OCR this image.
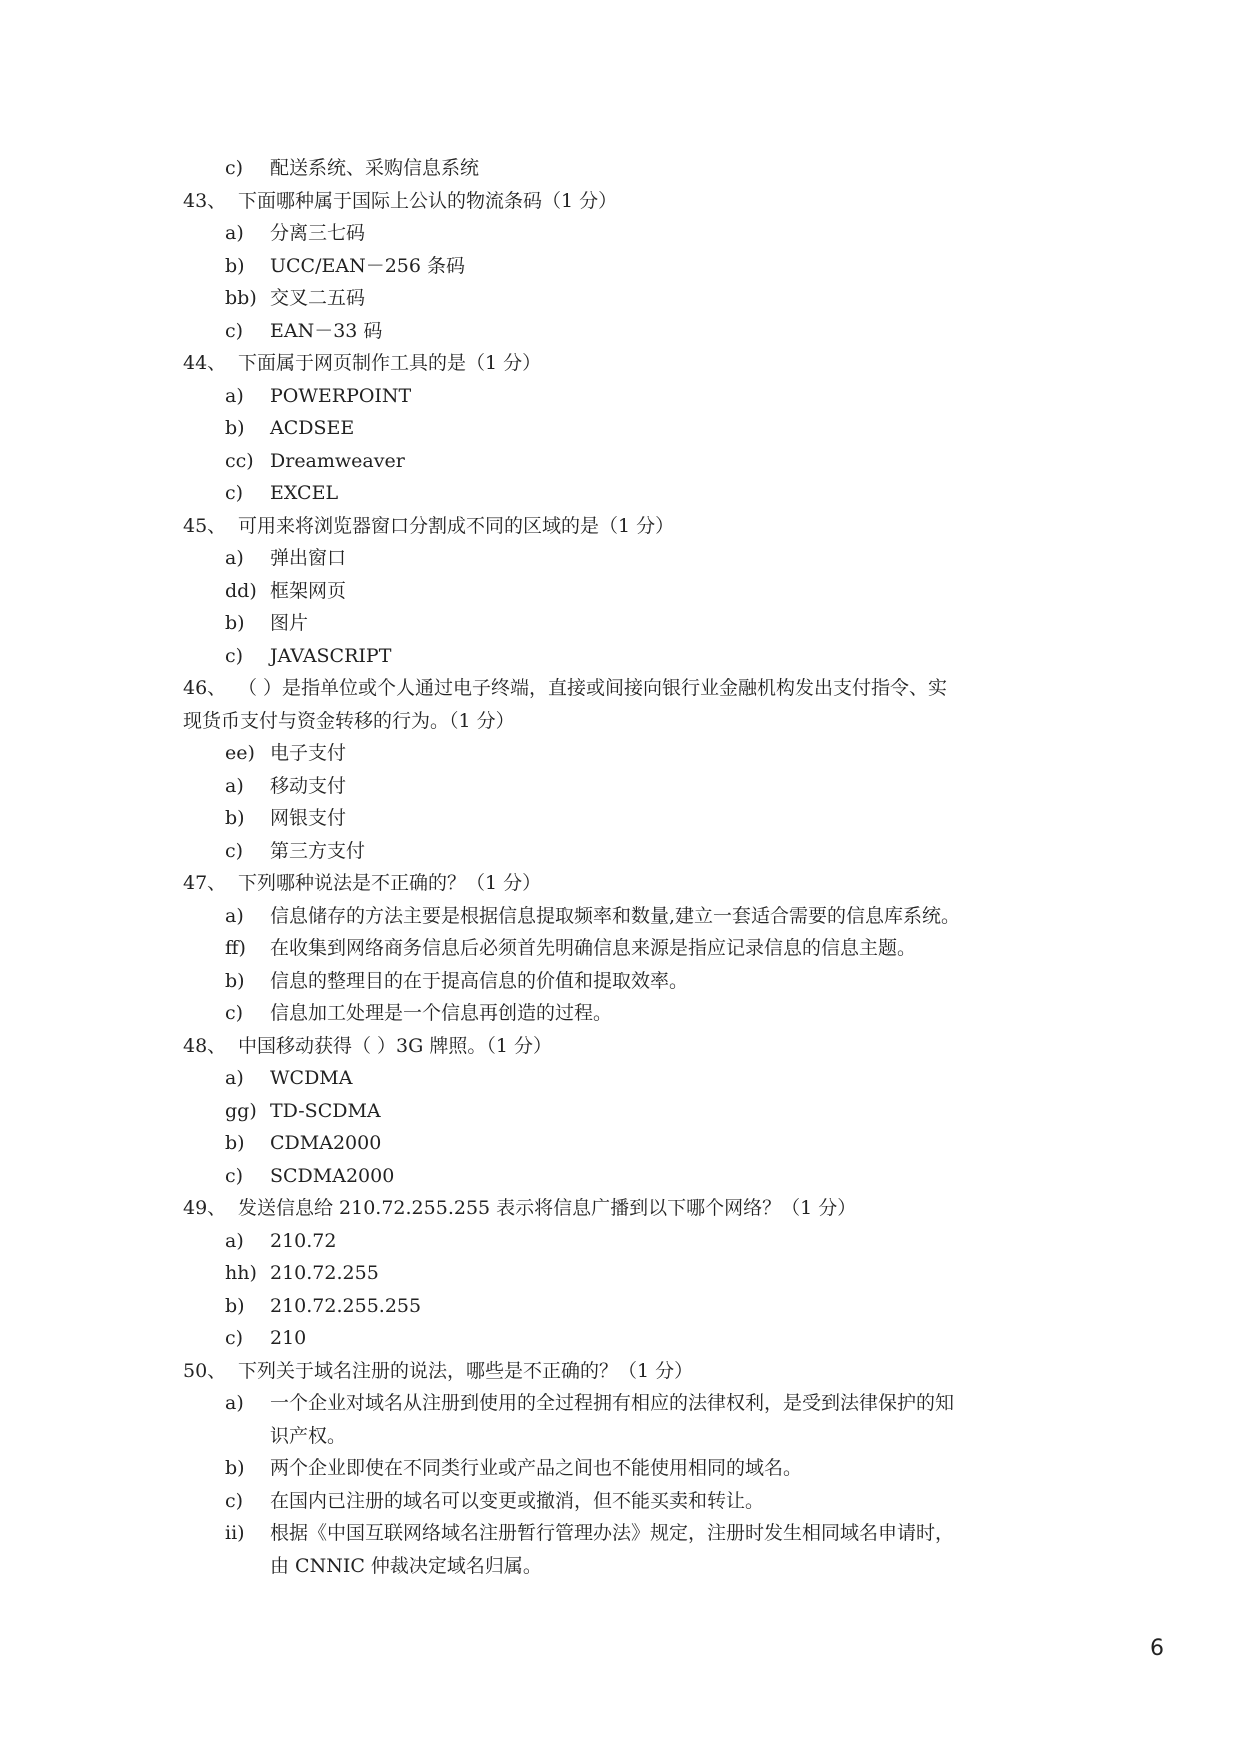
c) 配送系统、采购信息系统
43、 下面哪种属于国际上公认的物流条码（1 分）
a) 分离三七码
b) UCC/EAN－256 条码
bb) 交叉二五码
c) EAN－33 码
44、 下面属于网页制作工具的是（1 分）
a) POWERPOINT
b) ACDSEE
cc) Dreamweaver
c) EXCEL
45、 可用来将浏览器窗口分割成不同的区域的是（1 分）
a) 弹出窗口
dd) 框架网页
b) 图片
c) JAVASCRIPT
46、 （ ）是指单位或个人通过电子终端，直接或间接向银行业金融机构发出支付指令、实
现货币支付与资金转移的行为。（1 分）
ee) 电子支付
a) 移动支付
b) 网银支付
c) 第三方支付
47、 下列哪种说法是不正确的？（1 分）
a) 信息储存的方法主要是根据信息提取频率和数量,建立一套适合需要的信息库系统。
ff) 在收集到网络商务信息后必须首先明确信息来源是指应记录信息的信息主题。
b) 信息的整理目的在于提高信息的价值和提取效率。
c) 信息加工处理是一个信息再创造的过程。
48、 中国移动获得（ ）3G 牌照。（1 分）
a) WCDMA
gg) TD-SCDMA
b) CDMA2000
c) SCDMA2000
49、 发送信息给 210.72.255.255 表示将信息广播到以下哪个网络？（1 分）
a) 210.72
hh) 210.72.255
b) 210.72.255.255
c) 210
50、 下列关于域名注册的说法，哪些是不正确的？（1 分）
a) 一个企业对域名从注册到使用的全过程拥有相应的法律权利，是受到法律保护的知
识产权。
b) 两个企业即使在不同类行业或产品之间也不能使用相同的域名。
c) 在国内已注册的域名可以变更或撤消，但不能买卖和转让。
ii) 根据《中国互联网络域名注册暂行管理办法》规定，注册时发生相同域名申请时，
由 CNNIC 仲裁决定域名归属。
6
